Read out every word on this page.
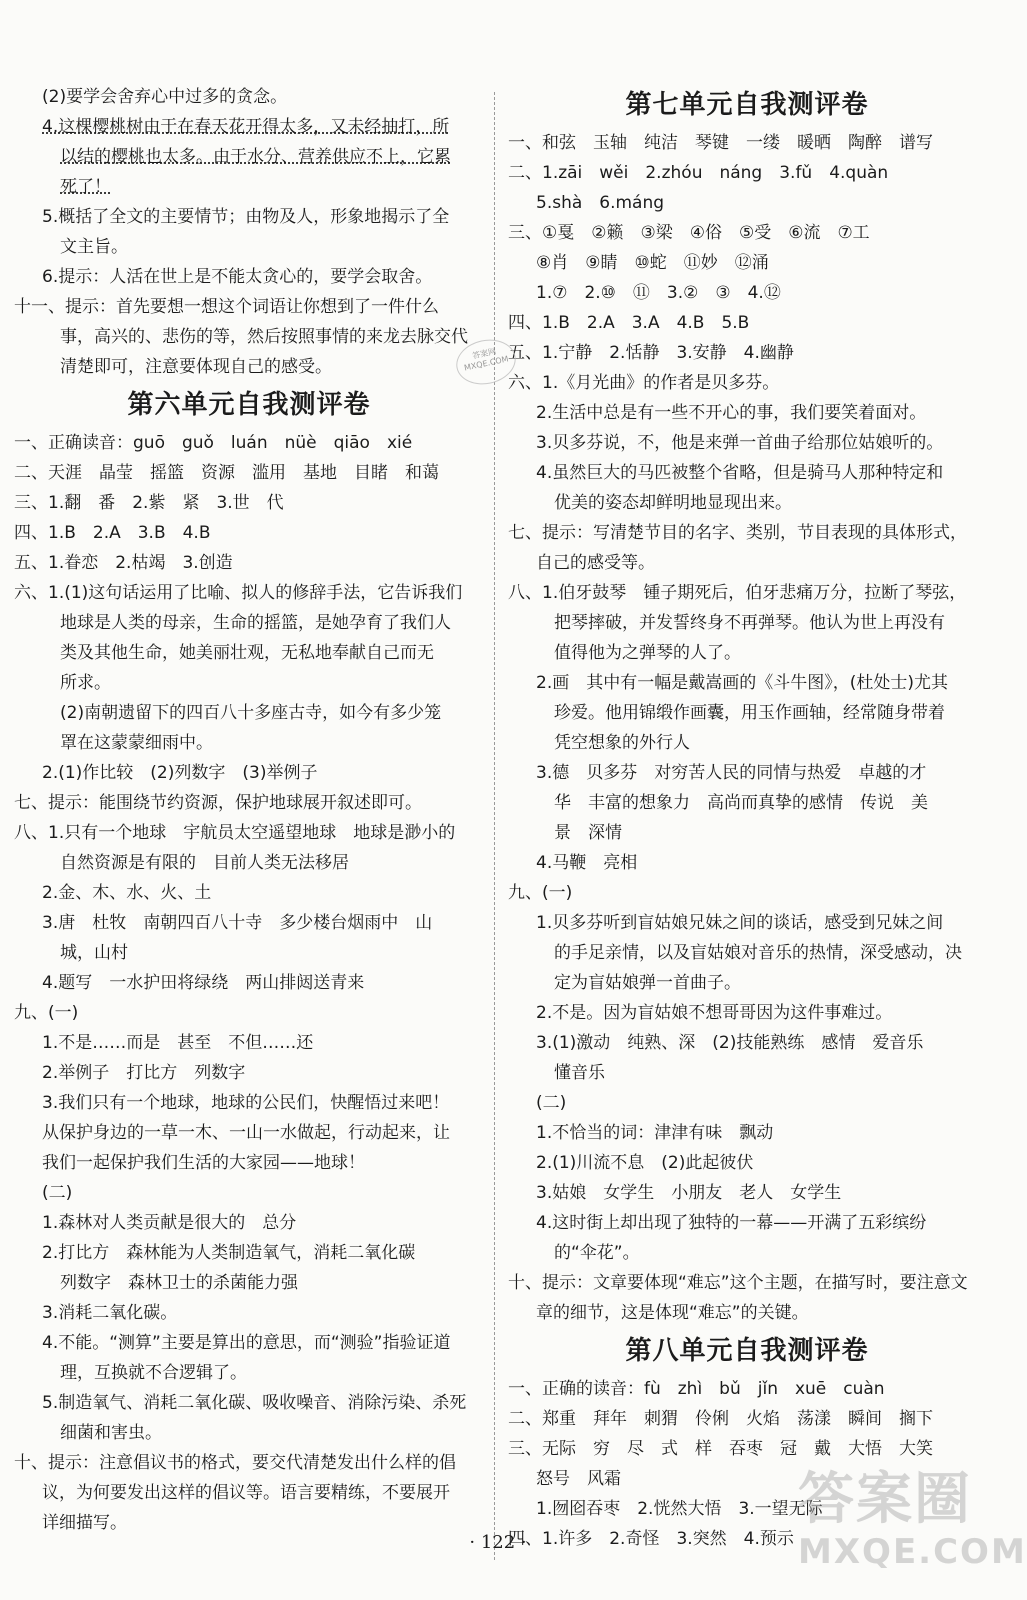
(2)要学会舍弃心中过多的贪念。
4.这棵樱桃树由于在春天花开得太多，又未经抽打，所
以结的樱桃也太多。由于水分、营养供应不上，它累
死了！
5.概括了全文的主要情节；由物及人，形象地揭示了全
文主旨。
6.提示：人活在世上是不能太贪心的，要学会取舍。
十一、提示：首先要想一想这个词语让你想到了一件什么
事，高兴的、悲伤的等，然后按照事情的来龙去脉交代
清楚即可，注意要体现自己的感受。
第六单元自我测评卷
一、正确读音：guō　guǒ　luán　nüè　qiāo　xié
二、天涯　晶莹　摇篮　资源　滥用　基地　目睹　和蔼
三、1.翻　番　2.紫　紧　3.世　代
四、1.B　2.A　3.B　4.B
五、1.眷恋　2.枯竭　3.创造
六、1.(1)这句话运用了比喻、拟人的修辞手法，它告诉我们
地球是人类的母亲，生命的摇篮，是她孕育了我们人
类及其他生命，她美丽壮观，无私地奉献自己而无
所求。
(2)南朝遗留下的四百八十多座古寺，如今有多少笼
罩在这蒙蒙细雨中。
2.(1)作比较　(2)列数字　(3)举例子
七、提示：能围绕节约资源，保护地球展开叙述即可。
八、1.只有一个地球　宇航员太空遥望地球　地球是渺小的
自然资源是有限的　目前人类无法移居
2.金、木、水、火、土
3.唐　杜牧　南朝四百八十寺　多少楼台烟雨中　山
城，山村
4.题写　一水护田将绿绕　两山排闼送青来
九、(一)
1.不是……而是　甚至　不但……还
2.举例子　打比方　列数字
3.我们只有一个地球，地球的公民们，快醒悟过来吧！
从保护身边的一草一木、一山一水做起，行动起来，让
我们一起保护我们生活的大家园——地球！
(二)
1.森林对人类贡献是很大的　总分
2.打比方　森林能为人类制造氧气，消耗二氧化碳
列数字　森林卫士的杀菌能力强
3.消耗二氧化碳。
4.不能。“测算”主要是算出的意思，而“测验”指验证道
理，互换就不合逻辑了。
5.制造氧气、消耗二氧化碳、吸收噪音、消除污染、杀死
细菌和害虫。
十、提示：注意倡议书的格式，要交代清楚发出什么样的倡
议，为何要发出这样的倡议等。语言要精练，不要展开
详细描写。
第七单元自我测评卷
一、和弦　玉轴　纯洁　琴键　一缕　暖晒　陶醉　谱写
二、1.zāi　wěi　2.zhóu　náng　3.fǔ　4.quàn
5.shà　6.máng
三、①戛　②籁　③梁　④俗　⑤受　⑥流　⑦工
⑧肖　⑨睛　⑩蛇　⑪妙　⑫涌
1.⑦　2.⑩　⑪　3.②　③　4.⑫
四、1.B　2.A　3.A　4.B　5.B
五、1.宁静　2.恬静　3.安静　4.幽静
六、1.《月光曲》的作者是贝多芬。
2.生活中总是有一些不开心的事，我们要笑着面对。
3.贝多芬说，不，他是来弹一首曲子给那位姑娘听的。
4.虽然巨大的马匹被整个省略，但是骑马人那种特定和
优美的姿态却鲜明地显现出来。
七、提示：写清楚节目的名字、类别，节目表现的具体形式，
自己的感受等。
八、1.伯牙鼓琴　锺子期死后，伯牙悲痛万分，拉断了琴弦，
把琴摔破，并发誓终身不再弹琴。他认为世上再没有
值得他为之弹琴的人了。
2.画　其中有一幅是戴嵩画的《斗牛图》，(杜处士)尤其
珍爱。他用锦缎作画囊，用玉作画轴，经常随身带着
凭空想象的外行人
3.德　贝多芬　对穷苦人民的同情与热爱　卓越的才
华　丰富的想象力　高尚而真挚的感情　传说　美
景　深情
4.马鞭　亮相
九、(一)
1.贝多芬听到盲姑娘兄妹之间的谈话，感受到兄妹之间
的手足亲情，以及盲姑娘对音乐的热情，深受感动，决
定为盲姑娘弹一首曲子。
2.不是。因为盲姑娘不想哥哥因为这件事难过。
3.(1)激动　纯熟、深　(2)技能熟练　感情　爱音乐
懂音乐
(二)
1.不恰当的词：津津有味　飘动
2.(1)川流不息　(2)此起彼伏
3.姑娘　女学生　小朋友　老人　女学生
4.这时街上却出现了独特的一幕——开满了五彩缤纷
的“伞花”。
十、提示：文章要体现“难忘”这个主题，在描写时，要注意文
章的细节，这是体现“难忘”的关键。
第八单元自我测评卷
一、正确的读音：fù　zhì　bǔ　jǐn　xuē　cuàn
二、郑重　拜年　刺猬　伶俐　火焰　荡漾　瞬间　搁下
三、无际　穷　尽　式　样　吞枣　冠　戴　大悟　大笑
怒号　风霜
1.囫囵吞枣　2.恍然大悟　3.一望无际
四、1.许多　2.奇怪　3.突然　4.预示
答案网 MXQE.COM
· 122 ·
答案圈
MXQE.COM
